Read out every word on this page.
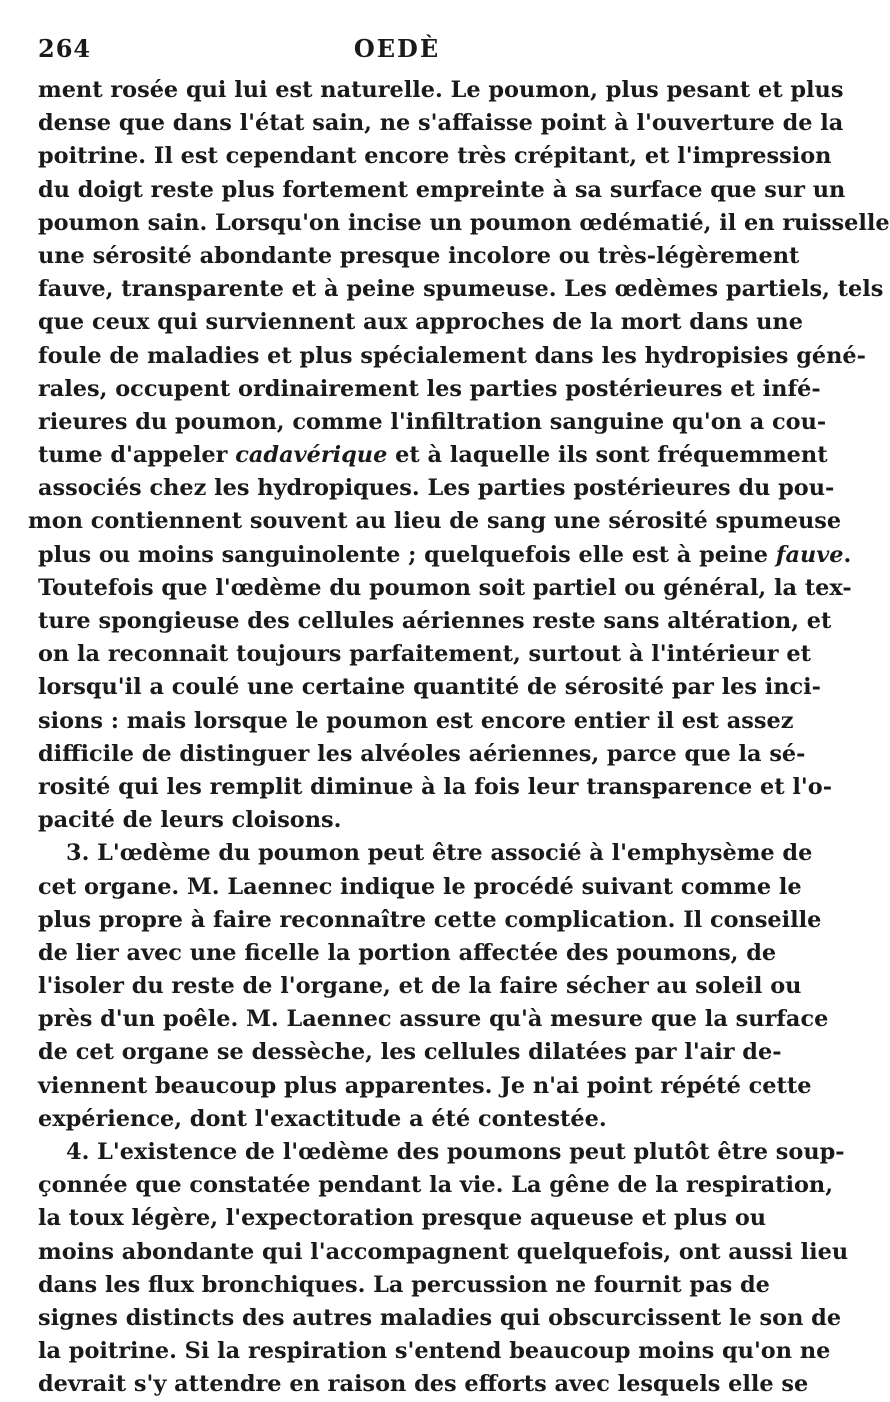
264	OEDÈ
ment rosée qui lui est naturelle. Le poumon, plus pesant et plus
dense que dans l'état sain, ne s'affaisse point à l'ouverture de la
poitrine. Il est cependant encore très crépitant, et l'impression
du doigt reste plus fortement empreinte à sa surface que sur un
poumon sain. Lorsqu'on incise un poumon œdématié, il en ruisselle
une sérosité abondante presque incolore ou très-légèrement
fauve, transparente et à peine spumeuse. Les œdèmes partiels, tels
que ceux qui surviennent aux approches de la mort dans une
foule de maladies et plus spécialement dans les hydropisies géné-
rales, occupent ordinairement les parties postérieures et infé-
rieures du poumon, comme l'infiltration sanguine qu'on a cou-
tume d'appeler cadavérique et à laquelle ils sont fréquemment
associés chez les hydropiques. Les parties postérieures du pou-
mon contiennent souvent au lieu de sang une sérosité spumeuse
plus ou moins sanguinolente ; quelquefois elle est à peine fauve.
Toutefois que l'œdème du poumon soit partiel ou général, la tex-
ture spongieuse des cellules aériennes reste sans altération, et
on la reconnait toujours parfaitement, surtout à l'intérieur et
lorsqu'il a coulé une certaine quantité de sérosité par les inci-
sions : mais lorsque le poumon est encore entier il est assez
difficile de distinguer les alvéoles aériennes, parce que la sé-
rosité qui les remplit diminue à la fois leur transparence et l'o-
pacité de leurs cloisons.
3. L'œdème du poumon peut être associé à l'emphysème de
cet organe. M. Laennec indique le procédé suivant comme le
plus propre à faire reconnaître cette complication. Il conseille
de lier avec une ficelle la portion affectée des poumons, de
l'isoler du reste de l'organe, et de la faire sécher au soleil ou
près d'un poêle. M. Laennec assure qu'à mesure que la surface
de cet organe se dessèche, les cellules dilatées par l'air de-
viennent beaucoup plus apparentes. Je n'ai point répété cette
expérience, dont l'exactitude a été contestée.
4. L'existence de l'œdème des poumons peut plutôt être soup-
çonnée que constatée pendant la vie. La gêne de la respiration,
la toux légère, l'expectoration presque aqueuse et plus ou
moins abondante qui l'accompagnent quelquefois, ont aussi lieu
dans les flux bronchiques. La percussion ne fournit pas de
signes distincts des autres maladies qui obscurcissent le son de
la poitrine. Si la respiration s'entend beaucoup moins qu'on ne
devrait s'y attendre en raison des efforts avec lesquels elle se
